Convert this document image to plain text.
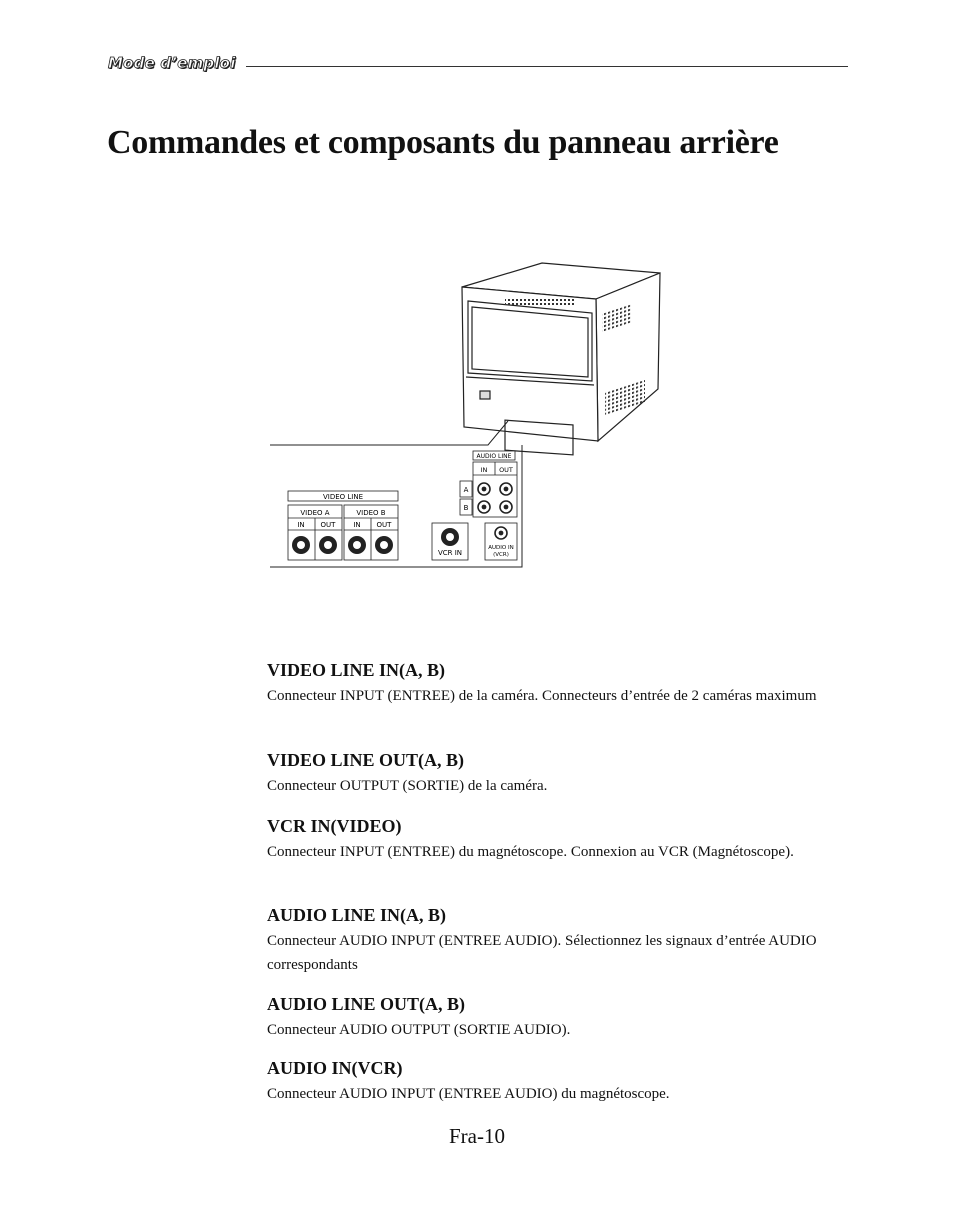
Mode d’emploi
Commandes et composants du panneau arrière
VIDEO LINE
VIDEO A
IN OUT
VIDEO B
IN OUT
AUDIO LINE
IN OUT
A
B
VCR IN
AUDIO IN
(VCR)
VIDEO LINE IN(A, B)

Connecteur INPUT (ENTREE) de la caméra. Connecteurs d’entrée de 2 caméras maximum

VIDEO LINE OUT(A, B)

Connecteur OUTPUT (SORTIE) de la caméra.

VCR IN(VIDEO)

Connecteur INPUT (ENTREE) du magnétoscope. Connexion au VCR (Magnétoscope).

AUDIO LINE IN(A, B)

Connecteur AUDIO INPUT (ENTREE AUDIO). Sélectionnez les signaux d’entrée AUDIO correspondants

AUDIO LINE OUT(A, B)

Connecteur AUDIO OUTPUT (SORTIE AUDIO).

AUDIO IN(VCR)

Connecteur AUDIO INPUT (ENTREE AUDIO) du magnétoscope.

Fra-10
